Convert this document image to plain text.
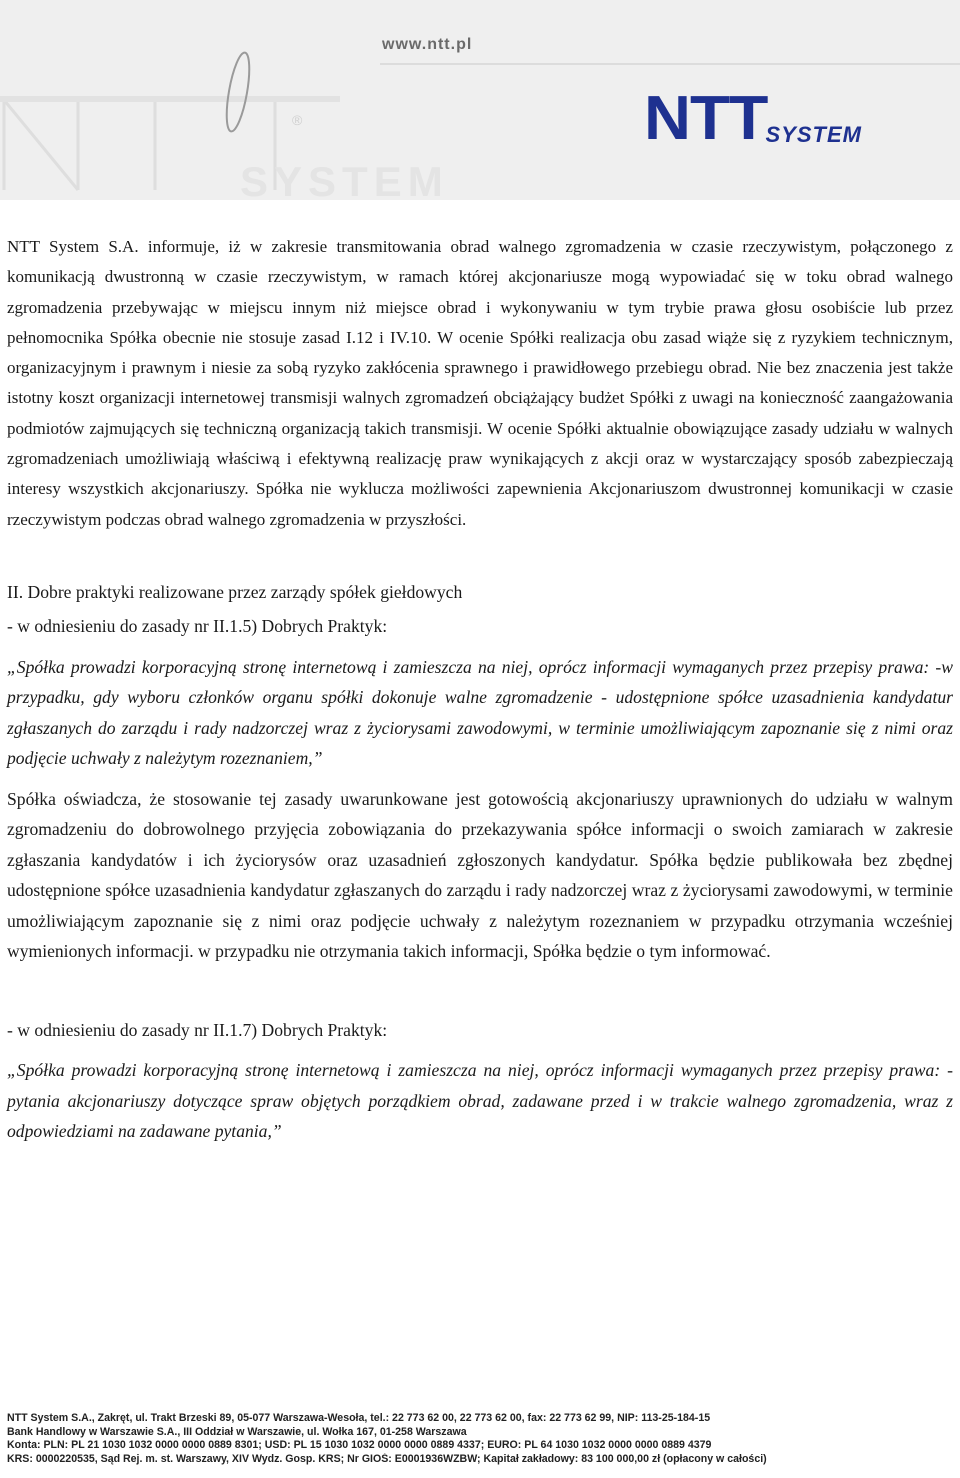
SYSTEM
www.ntt.pl
®	NTT
SYSTEM

NTT System S.A. informuje, iż w zakresie transmitowania obrad walnego zgromadzenia w czasie rzeczywistym, połączonego z komunikacją dwustronną w czasie rzeczywistym, w ramach której akcjonariusze mogą wypowiadać się w toku obrad walnego zgromadzenia przebywając w miejscu innym niż miejsce obrad i wykonywaniu w tym trybie prawa głosu osobiście lub przez pełnomocnika Spółka obecnie nie stosuje zasad I.12 i IV.10. W ocenie Spółki realizacja obu zasad wiąże się z ryzykiem technicznym, organizacyjnym i prawnym i niesie za sobą ryzyko zakłócenia sprawnego i prawidłowego przebiegu obrad. Nie bez znaczenia jest także istotny koszt organizacji internetowej transmisji walnych zgromadzeń obciążający budżet Spółki z uwagi na konieczność zaangażowania podmiotów zajmujących się techniczną organizacją takich transmisji. W ocenie Spółki aktualnie obowiązujące zasady udziału w walnych zgromadzeniach umożliwiają właściwą i efektywną realizację praw wynikających z akcji oraz w wystarczający sposób zabezpieczają interesy wszystkich akcjonariuszy. Spółka nie wyklucza możliwości zapewnienia Akcjonariuszom dwustronnej komunikacji w czasie rzeczywistym podczas obrad walnego zgromadzenia w przyszłości.

II. Dobre praktyki realizowane przez zarządy spółek giełdowych

- w odniesieniu do zasady nr II.1.5) Dobrych Praktyk:

„Spółka prowadzi korporacyjną stronę internetową i zamieszcza na niej, oprócz informacji wymaganych przez przepisy prawa: -w przypadku, gdy wyboru członków organu spółki dokonuje walne zgromadzenie - udostępnione spółce uzasadnienia kandydatur zgłaszanych do zarządu i rady nadzorczej wraz z życiorysami zawodowymi, w terminie umożliwiającym zapoznanie się z nimi oraz podjęcie uchwały z należytym rozeznaniem,”

Spółka oświadcza, że stosowanie tej zasady uwarunkowane jest gotowością akcjonariuszy uprawnionych do udziału w walnym zgromadzeniu do dobrowolnego przyjęcia zobowiązania do przekazywania spółce informacji o swoich zamiarach w zakresie zgłaszania kandydatów i ich życiorysów oraz uzasadnień zgłoszonych kandydatur. Spółka będzie publikowała bez zbędnej udostępnione spółce uzasadnienia kandydatur zgłaszanych do zarządu i rady nadzorczej wraz z życiorysami zawodowymi, w terminie umożliwiającym zapoznanie się z nimi oraz podjęcie uchwały z należytym rozeznaniem w przypadku otrzymania wcześniej wymienionych informacji. w przypadku nie otrzymania takich informacji, Spółka będzie o tym informować.

- w odniesieniu do zasady nr II.1.7) Dobrych Praktyk:

„Spółka prowadzi korporacyjną stronę internetową i zamieszcza na niej, oprócz informacji wymaganych przez przepisy prawa: - pytania akcjonariuszy dotyczące spraw objętych porządkiem obrad, zadawane przed i w trakcie walnego zgromadzenia, wraz z odpowiedziami na zadawane pytania,”

NTT System S.A., Zakręt, ul. Trakt Brzeski 89, 05-077 Warszawa-Wesoła, tel.: 22 773 62 00, 22 773 62 00, fax: 22 773 62 99, NIP: 113-25-184-15
Bank Handlowy w Warszawie S.A., III Oddział w Warszawie, ul. Wołka 167, 01-258 Warszawa
Konta: PLN: PL 21 1030 1032 0000 0000 0889 8301; USD: PL 15 1030 1032 0000 0000 0889 4337; EURO: PL 64 1030 1032 0000 0000 0889 4379
KRS: 0000220535, Sąd Rej. m. st. Warszawy, XIV Wydz. Gosp. KRS; Nr GIOŚ: E0001936WZBW; Kapitał zakładowy: 83 100 000,00 zł (opłacony w całości)
